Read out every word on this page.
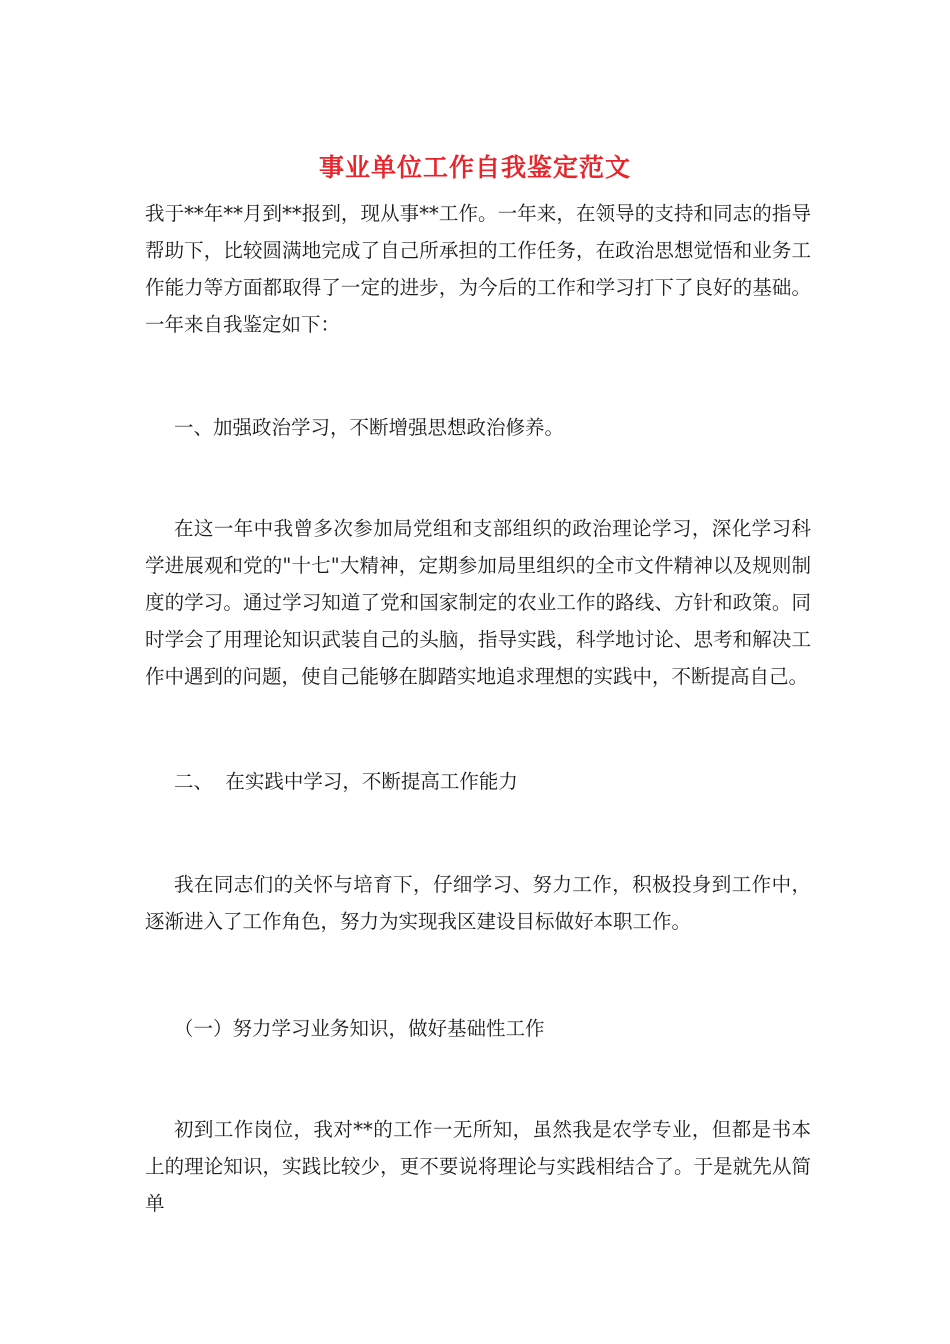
事业单位工作自我鉴定范文

我于**年**月到**报到，现从事**工作。一年来，在领导的支持和同志的指导帮助下，比较圆满地完成了自己所承担的工作任务，在政治思想觉悟和业务工作能力等方面都取得了一定的进步，为今后的工作和学习打下了良好的基础。一年来自我鉴定如下：

一、加强政治学习，不断增强思想政治修养。

在这一年中我曾多次参加局党组和支部组织的政治理论学习，深化学习科学进展观和党的"十七"大精神，定期参加局里组织的全市文件精神以及规则制度的学习。通过学习知道了党和国家制定的农业工作的路线、方针和政策。同时学会了用理论知识武装自己的头脑，指导实践，科学地讨论、思考和解决工作中遇到的问题，使自己能够在脚踏实地追求理想的实践中，不断提高自己。

二、  在实践中学习，不断提高工作能力

我在同志们的关怀与培育下，仔细学习、努力工作，积极投身到工作中，逐渐进入了工作角色，努力为实现我区建设目标做好本职工作。

（一）努力学习业务知识，做好基础性工作

初到工作岗位，我对**的工作一无所知，虽然我是农学专业，但都是书本上的理论知识，实践比较少，更不要说将理论与实践相结合了。于是就先从简单
